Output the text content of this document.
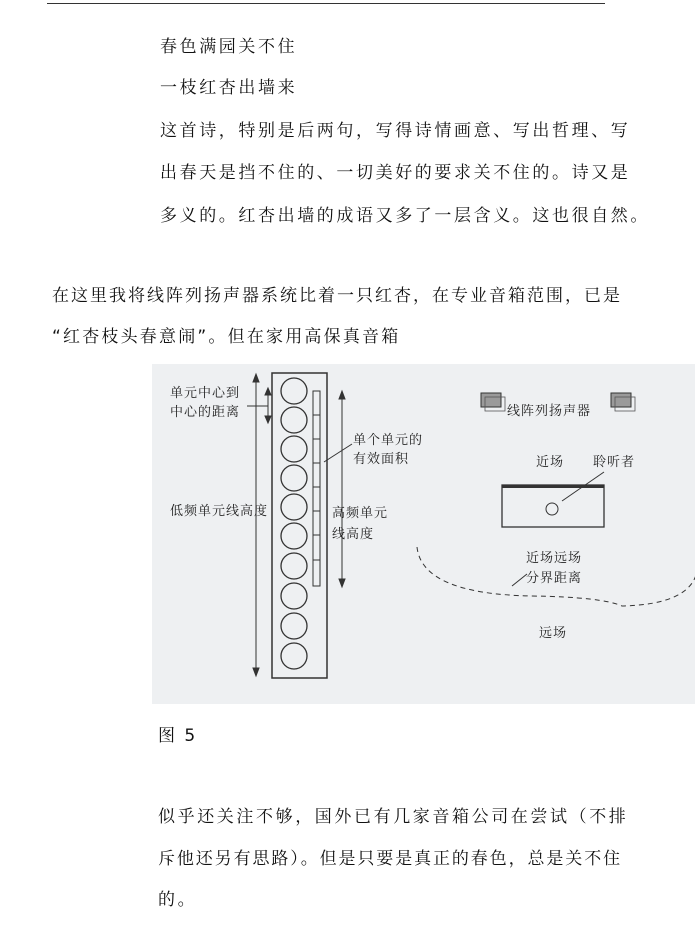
春色满园关不住
一枝红杏出墙来
这首诗，特别是后两句，写得诗情画意、写出哲理、写
出春天是挡不住的、一切美好的要求关不住的。诗又是
多义的。红杏出墙的成语又多了一层含义。这也很自然。
在这里我将线阵列扬声器系统比着一只红杏，在专业音箱范围，已是
“红杏枝头春意闹”。但在家用高保真音箱
单元中心到
中心的距离
低频单元线高度
单个单元的
有效面积
高频单元
线高度
线阵列扬声器
近场 聆听者
近场远场
分界距离
远场
图 5
似乎还关注不够，国外已有几家音箱公司在尝试（不排
斥他还另有思路）。但是只要是真正的春色，总是关不住
的。
